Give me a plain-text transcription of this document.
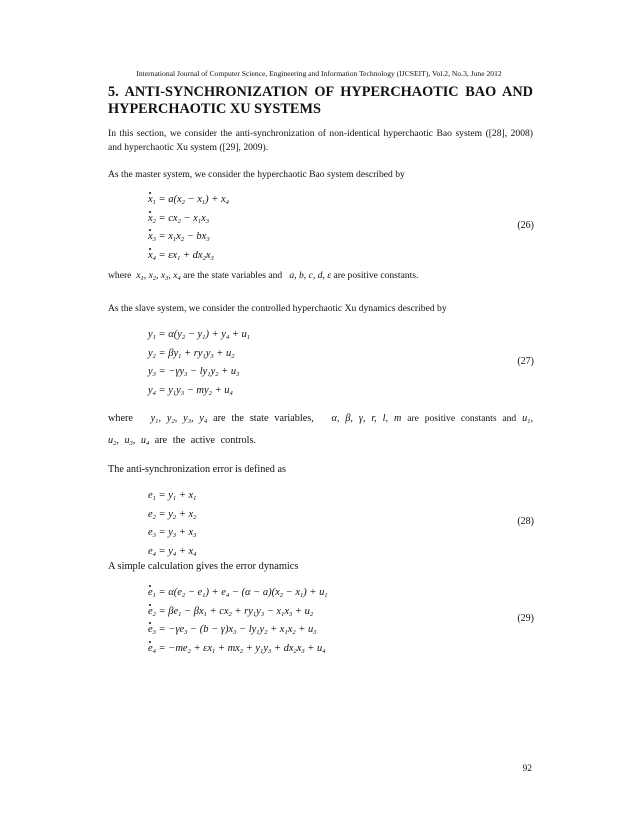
International Journal of Computer Science, Engineering and Information Technology (IJCSEIT), Vol.2, No.3, June 2012
5. ANTI-SYNCHRONIZATION OF HYPERCHAOTIC BAO AND HYPERCHAOTIC XU SYSTEMS
In this section, we consider the anti-synchronization of non-identical hyperchaotic Bao system ([28], 2008) and hyperchaotic Xu system ([29], 2009).
As the master system, we consider the hyperchaotic Bao system described by
$x_1 = a(x_2 - x_1) + x_4$
$x_2 = cx_2 - x_1x_3$
$x_3 = x_1x_2 - bx_3$
$x_4 = \varepsilon x_1 + dx_2x_3$
(26)
where  $x_1$, $x_2$, $x_3$, $x_4$ are the state variables and   a, b, c, d, ε are positive constants.
As the slave system, we consider the controlled hyperchaotic Xu dynamics described by
$y_1 = \alpha(y_2 - y_1) + y_4 + u_1$
$y_2 = \beta y_1 + ry_1y_3 + u_2$
$y_3 = -\gamma y_3 - ly_1y_2 + u_3$
$y_4 = y_1y_3 - my_2 + u_4$
(27)
where   $y_1$, $y_2$, $y_3$, $y_4$ are the state variables,   α, β, γ, r, l, m are positive constants and $u_1$, $u_2$, $u_3$, $u_4$ are the active controls.
The anti-synchronization error is defined as
$e_1 = y_1 + x_1$
$e_2 = y_2 + x_2$
$e_3 = y_3 + x_3$
$e_4 = y_4 + x_4$
(28)
A simple calculation gives the error dynamics
$e_1 = \alpha(e_2 - e_1) + e_4 - (\alpha - a)(x_2 - x_1) + u_1$
$e_2 = \beta e_1 - \beta x_1 + cx_2 + ry_1y_3 - x_1x_3 + u_2$
$e_3 = -\gamma e_3 - (b - \gamma)x_3 - ly_1y_2 + x_1x_2 + u_3$
$e_4 = -me_2 + \varepsilon x_1 + mx_2 + y_1y_3 + dx_2x_3 + u_4$
(29)
92
